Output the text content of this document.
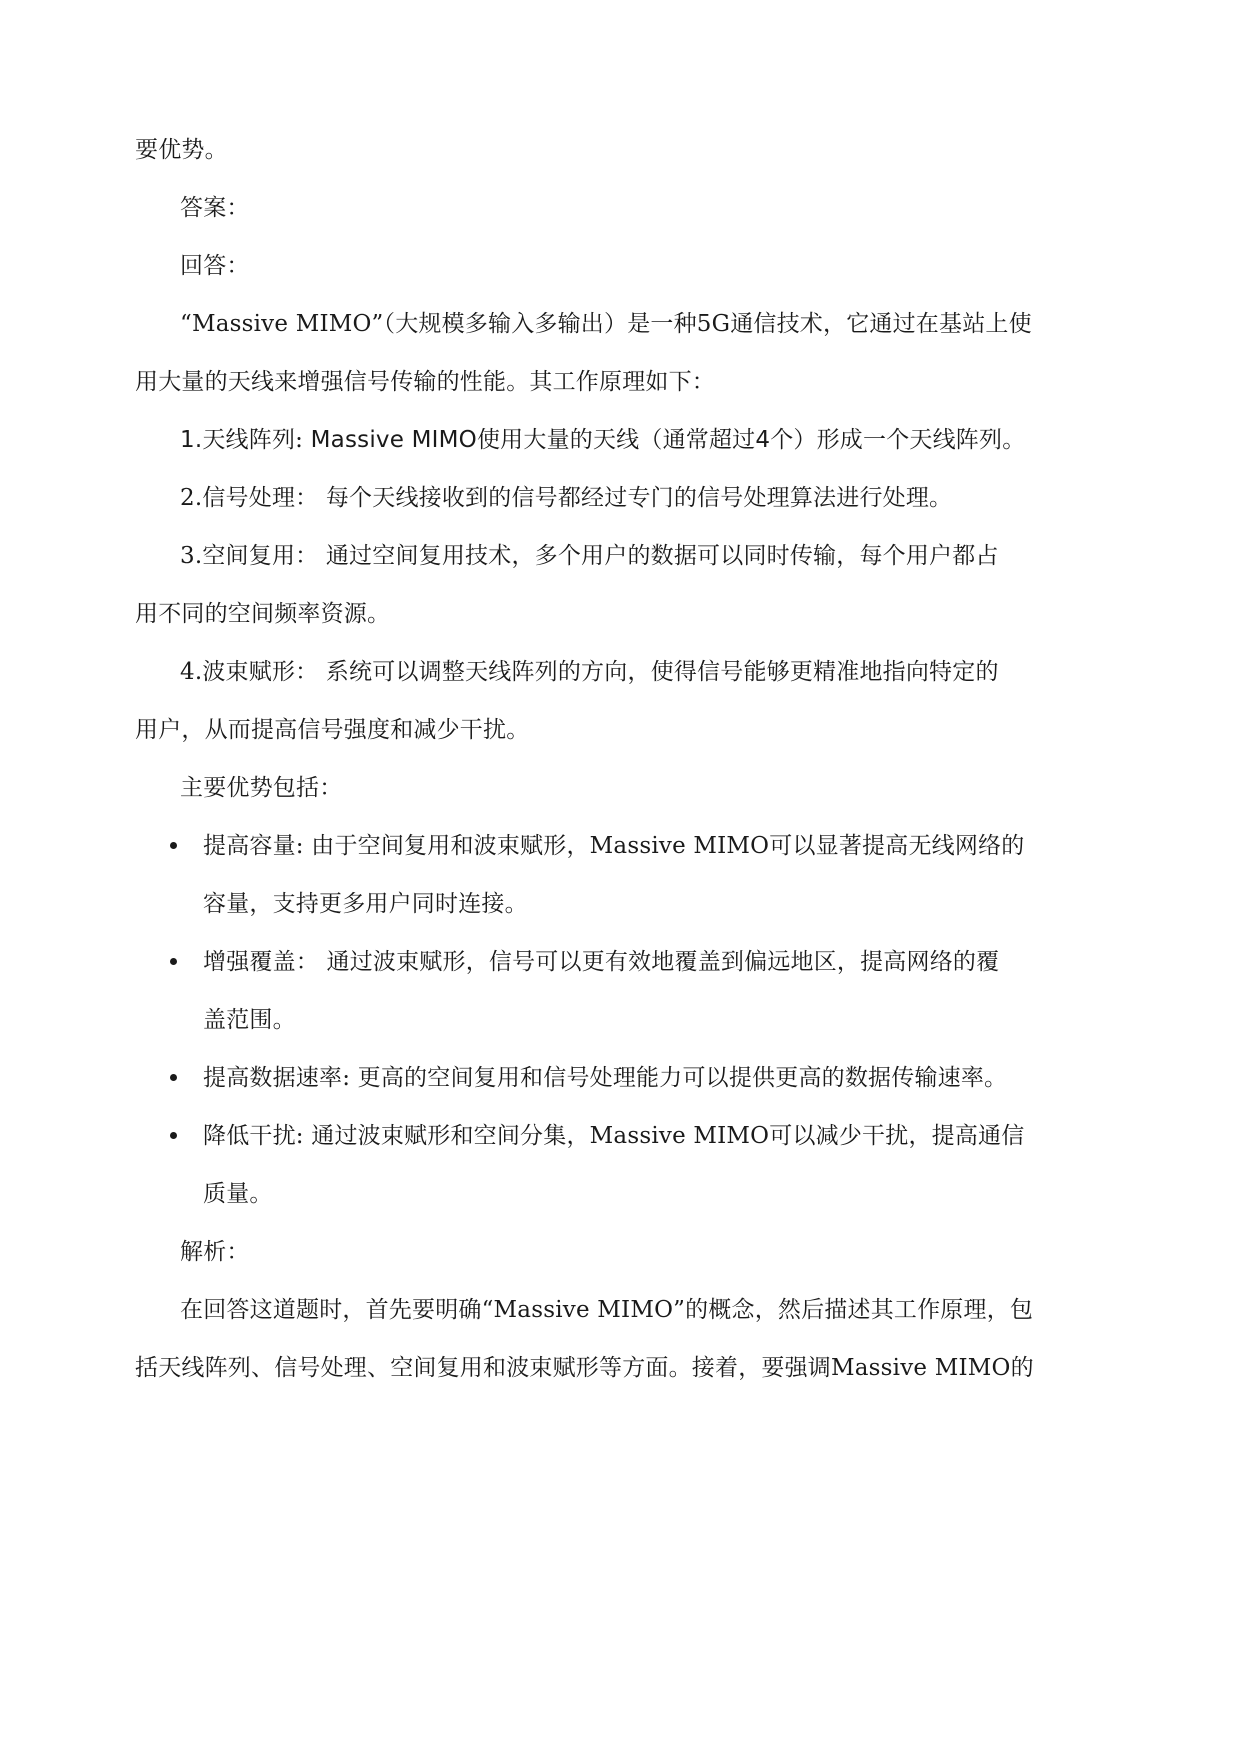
要优势。
答案：
回答：
“Massive MIMO”（大规模多输入多输出）是一种5G通信技术，它通过在基站上使
用大量的天线来增强信号传输的性能。其工作原理如下：
1.天线阵列: Massive MIMO使用大量的天线（通常超过4个）形成一个天线阵列。
2.信号处理： 每个天线接收到的信号都经过专门的信号处理算法进行处理。
3.空间复用： 通过空间复用技术，多个用户的数据可以同时传输，每个用户都占
用不同的空间频率资源。
4.波束赋形： 系统可以调整天线阵列的方向，使得信号能够更精准地指向特定的
用户，从而提高信号强度和减少干扰。
主要优势包括：
提高容量: 由于空间复用和波束赋形，Massive MIMO可以显著提高无线网络的
容量，支持更多用户同时连接。
增强覆盖： 通过波束赋形，信号可以更有效地覆盖到偏远地区，提高网络的覆
盖范围。
提高数据速率: 更高的空间复用和信号处理能力可以提供更高的数据传输速率。
降低干扰: 通过波束赋形和空间分集，Massive MIMO可以减少干扰，提高通信
质量。
解析：
在回答这道题时，首先要明确“Massive MIMO”的概念，然后描述其工作原理，包
括天线阵列、信号处理、空间复用和波束赋形等方面。接着，要强调Massive MIMO的
